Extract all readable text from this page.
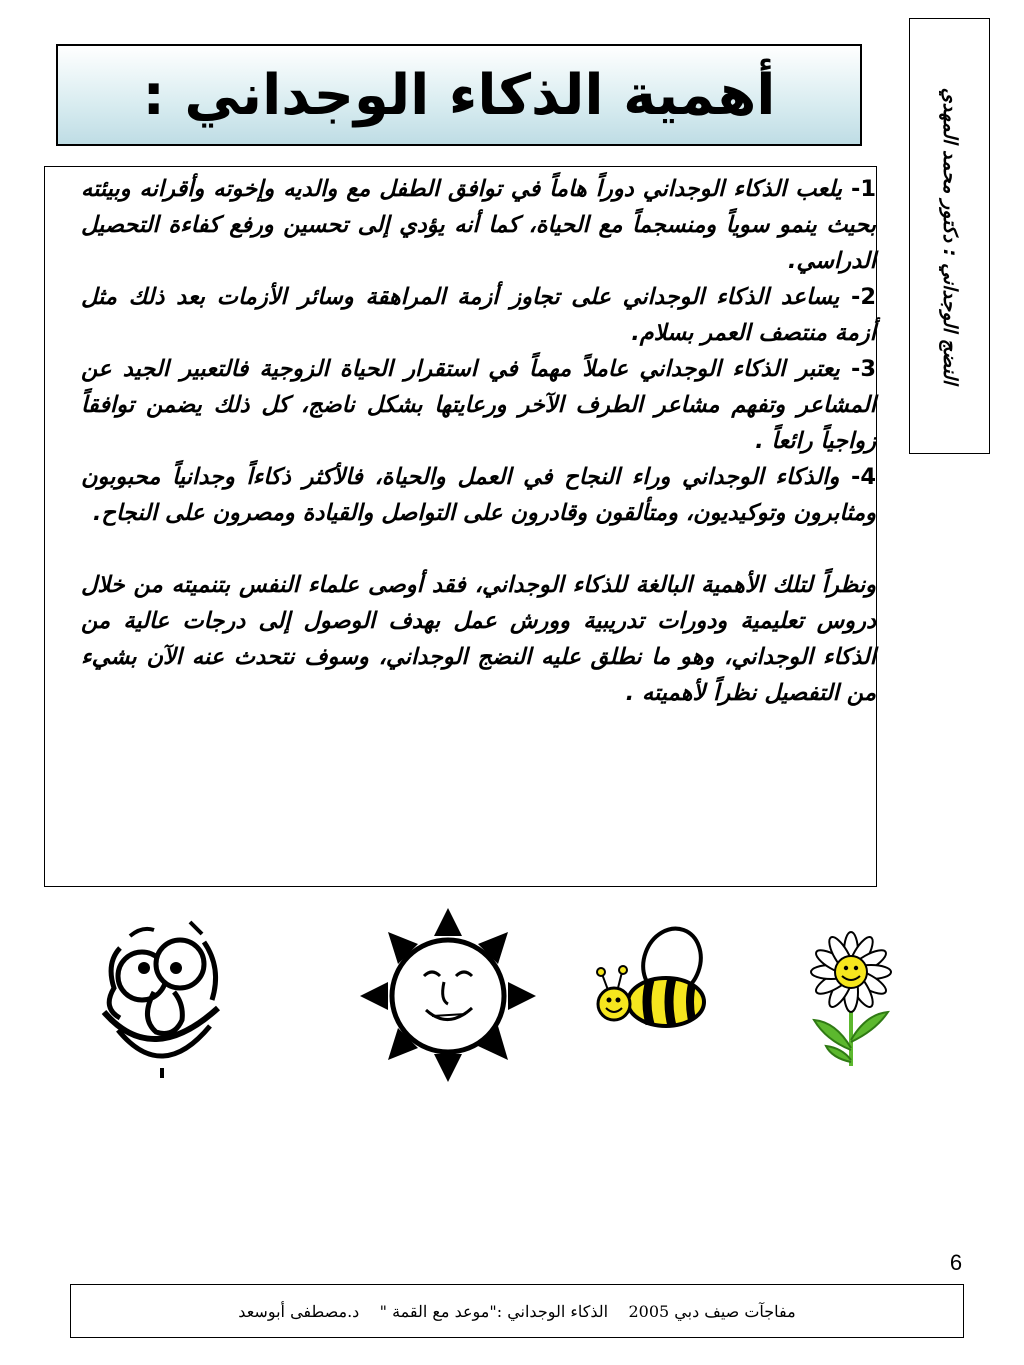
أهمية الذكاء الوجداني :	النضج الوجداني : دكتور محمد المهدي

1- يلعب الذكاء الوجداني دوراً هاماً في توافق الطفل مع والديه وإخوته وأقرانه وبيئته بحيث ينمو سوياً ومنسجماً مع الحياة، كما أنه يؤدي إلى تحسين ورفع كفاءة التحصيل الدراسي.

2- يساعد الذكاء الوجداني على تجاوز أزمة المراهقة وسائر الأزمات بعد ذلك مثل أزمة منتصف العمر بسلام.

3- يعتبر الذكاء الوجداني عاملاً مهماً في استقرار الحياة الزوجية فالتعبير الجيد عن المشاعر وتفهم مشاعر الطرف الآخر ورعايتها بشكل ناضج، كل ذلك يضمن توافقاً زواجياً رائعاً .

4- والذكاء الوجداني وراء النجاح في العمل والحياة، فالأكثر ذكاءاً وجدانياً محبوبون ومثابرون وتوكيديون، ومتألقون وقادرون على التواصل والقيادة ومصرون على النجاح.

ونظراً لتلك الأهمية البالغة للذكاء الوجداني، فقد أوصى علماء النفس بتنميته من خلال دروس تعليمية ودورات تدريبية وورش عمل بهدف الوصول إلى درجات عالية من الذكاء الوجداني، وهو ما نطلق عليه النضج الوجداني، وسوف نتحدث عنه الآن بشيء من التفصيل نظراً لأهميته .

6
مفاجآت صيف دبي 2005    الذكاء الوجداني :"موعد مع القمة "    د.مصطفى أبوسعد
